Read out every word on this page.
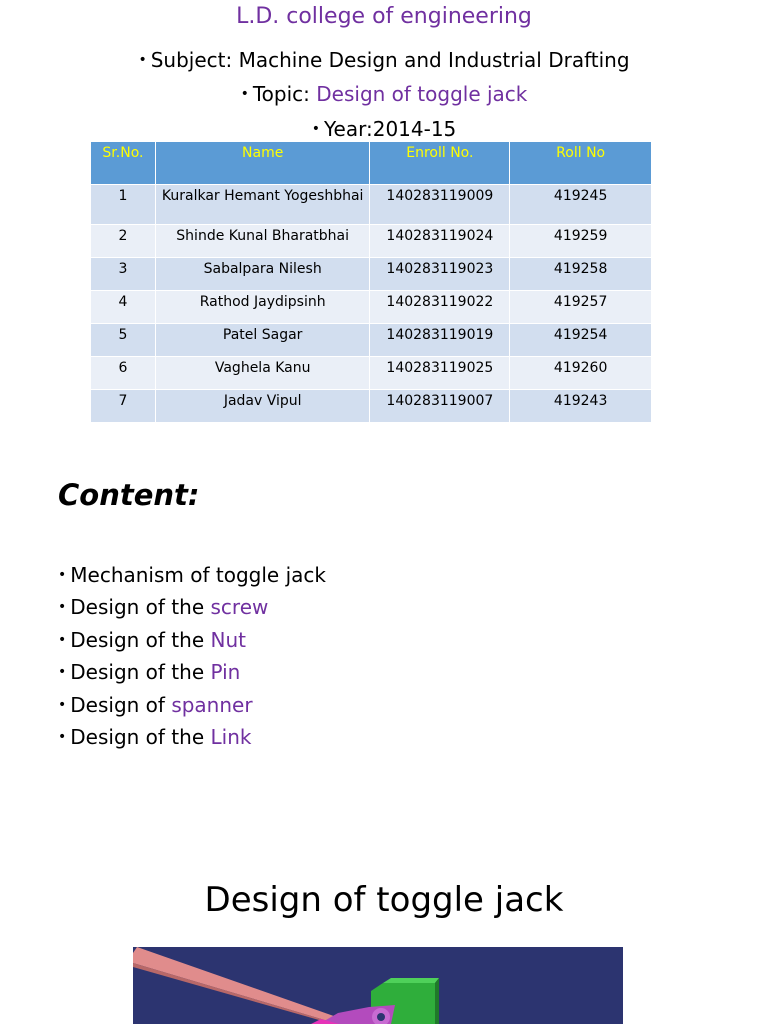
L.D. college of engineering
• Subject: Machine Design and Industrial Drafting
• Topic: Design of toggle jack
• Year:2014-15
Sr.No.	Name	Enroll No.	Roll No
1	Kuralkar Hemant Yogeshbhai	140283119009	419245
2	Shinde Kunal Bharatbhai	140283119024	419259
3	Sabalpara Nilesh	140283119023	419258
4	Rathod Jaydipsinh	140283119022	419257
5	Patel Sagar	140283119019	419254
6	Vaghela Kanu	140283119025	419260
7	Jadav Vipul	140283119007	419243
Content:
• Mechanism of toggle jack
• Design of the screw
• Design of the Nut
• Design of the Pin
• Design of spanner
• Design of the Link
Design of toggle jack
